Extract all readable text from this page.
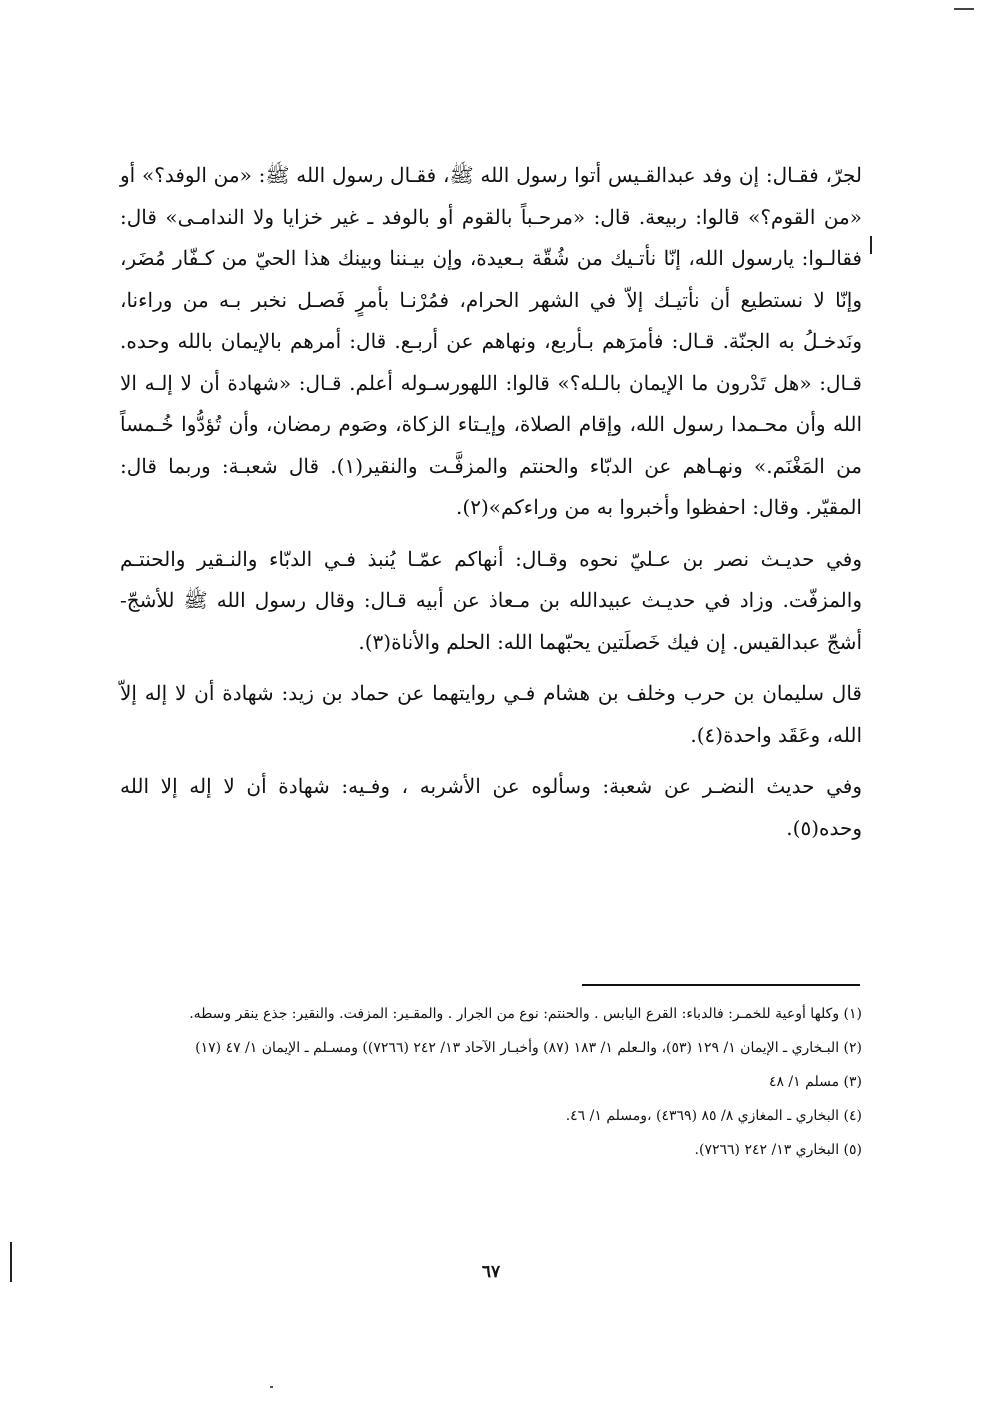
لجرّ، فقـال: إن وفد عبدالقـيس أتوا رسول الله ﷺ، فقـال رسول الله ﷺ: «من الوفد؟» أو «من القوم؟» قالوا: ربيعة. قال: «مرحـباً بالقوم أو بالوفد ـ غير خزايا ولا الندامـى» قال: فقالـوا: يارسول الله، إنّا نأتـيك من شُقّة بـعيدة، وإن بيـننا وبينك هذا الحيّ من كـفّار مُضَر، وإنّا لا نستطيع أن نأتيـك إلاّ في الشهر الحرام، فمُرْنـا بأمرٍ فَصـل نخبر بـه من وراءنا، ونَدخـلُ به الجنّة. قـال: فأمرَهم بـأربع، ونهاهم عن أربـع. قال: أمرهم بالإيمان بالله وحده. قـال: «هل تَدْرون ما الإيمان بالـله؟» قالوا: اللهورسـوله أعلم. قـال: «شهادة أن لا إلـه الا الله وأن محـمدا رسول الله، وإقام الصلاة، وإيـتاء الزكاة، وصَوم رمضان، وأن تُؤدُّوا خُـمساً من المَغْنَم.» ونهـاهم عن الدبّاء والحنتم والمزفَّـت والنقير(١). قال شعبـة: وربما قال: المقيّر. وقال: احفظوا وأخبروا به من وراءكم»(٢).

وفي حديـث نصر بن عـليّ نحوه وقـال: أنهاكم عمّـا يُنبذ فـي الدبّاء والنـقير والحنتـم والمزفّت. وزاد في حديـث عبيدالله بن مـعاذ عن أبيه قـال: وقال رسول الله ﷺ للأشجّ- أشجّ عبدالقيس. إن فيك خَصلَتين يحبّهما الله: الحلم والأناة(٣).

قال سليمان بن حرب وخلف بن هشام فـي روايتهما عن حماد بن زيد: شهادة أن لا إله إلاّ الله، وعَقَد واحدة(٤).

وفي حديث النضـر عن شعبة: وسألوه عن الأشربه ، وفـيه: شهادة أن لا إله إلا الله وحده(٥).

(١) وكلها أوعية للخمـر: فالدباء: القرع اليابس . والحنتم: نوع من الجرار . والمقـير: المزفت. والنقير: جذع ينقر وسطه.

(٢) البـخاري ـ الإيمان ١/ ١٢٩ (٥٣)، والـعلم ١/ ١٨٣ (٨٧) وأخبـار الآحاد ١٣/ ٢٤٢ (٧٢٦٦)) ومسـلم ـ الإيمان ١/ ٤٧ (١٧)

(٣) مسلم ١/ ٤٨

(٤) البخاري ـ المغازي ٨/ ٨٥ (٤٣٦٩) ،ومسلم ١/ ٤٦.

(٥) البخاري ١٣/ ٢٤٢ (٧٢٦٦).

٦٧
